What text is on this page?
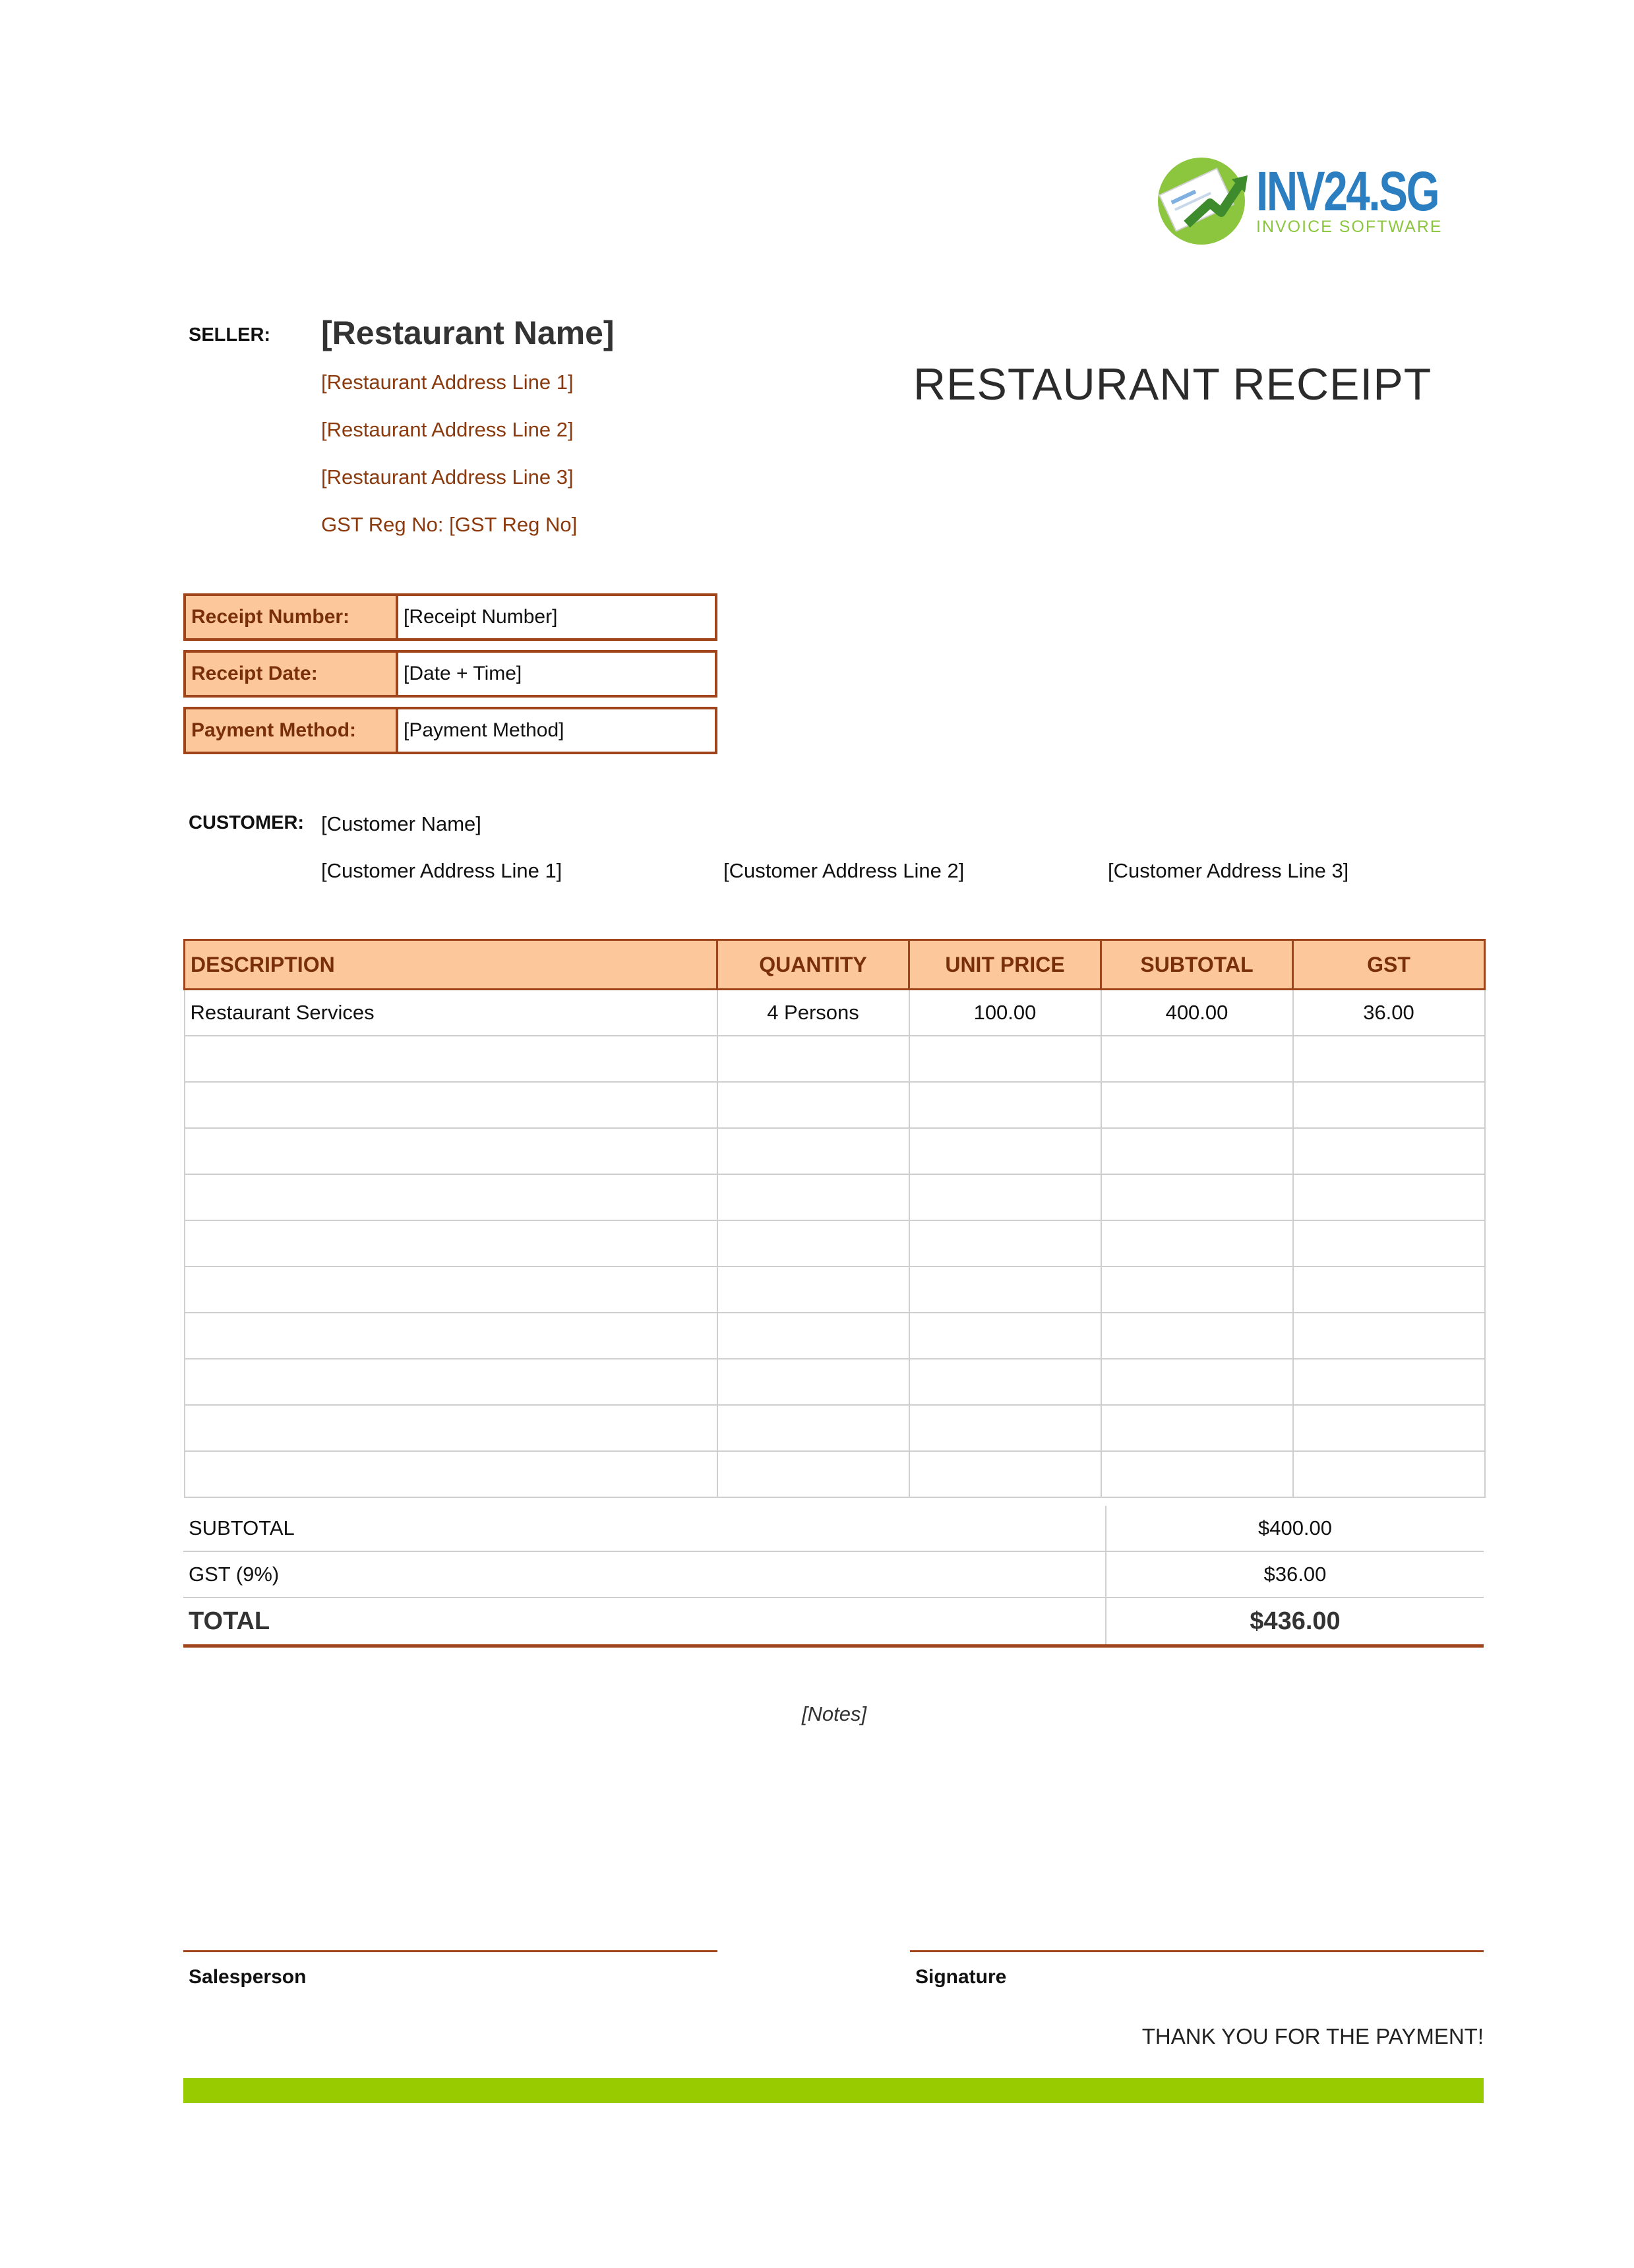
INV24.SG
INVOICE SOFTWARE
SELLER: [Restaurant Name]
[Restaurant Address Line 1]
[Restaurant Address Line 2]
[Restaurant Address Line 3]
GST Reg No: [GST Reg No]
RESTAURANT RECEIPT
Receipt Number:	[Receipt Number]
Receipt Date:	[Date + Time]
Payment Method:	[Payment Method]
CUSTOMER: [Customer Name]
[Customer Address Line 1]	[Customer Address Line 2]	[Customer Address Line 3]
DESCRIPTION	QUANTITY	UNIT PRICE	SUBTOTAL	GST
Restaurant Services	4 Persons	100.00	400.00	36.00

SUBTOTAL	$400.00
GST (9%)	$36.00
TOTAL	$436.00
[Notes]
Salesperson	Signature
THANK YOU FOR THE PAYMENT!
